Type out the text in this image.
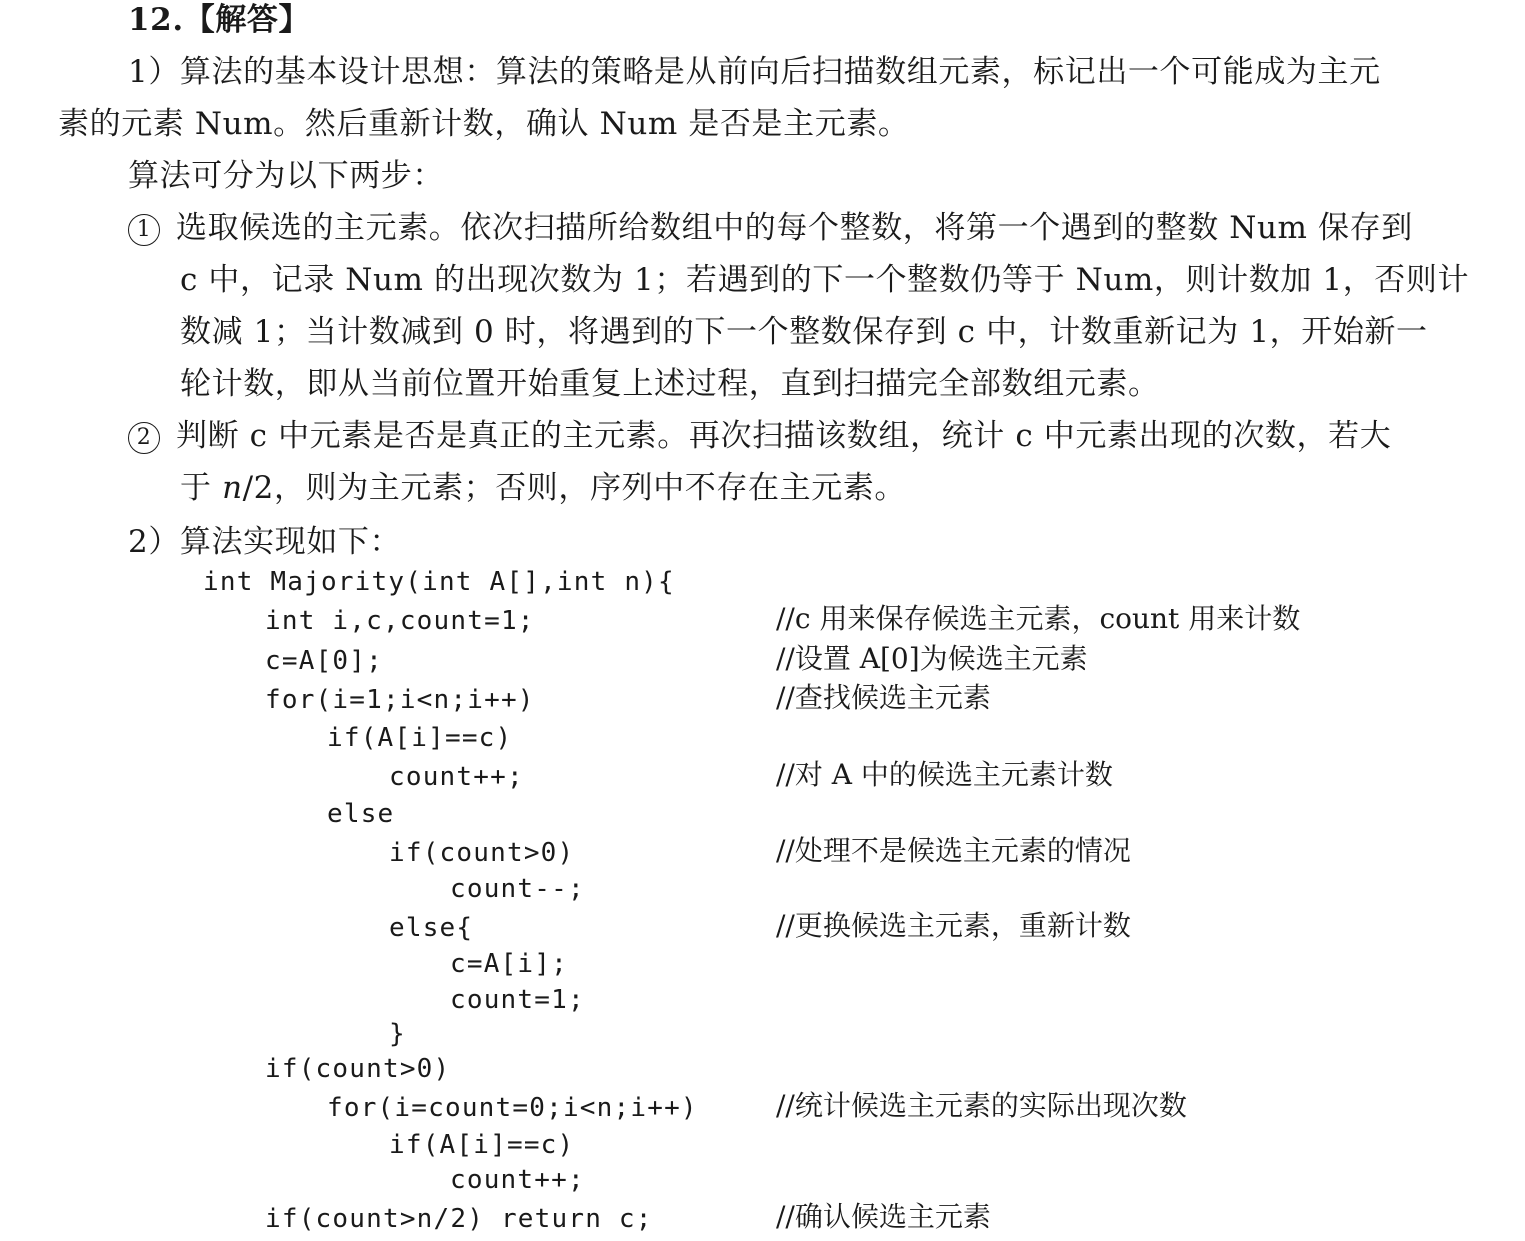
12.【解答】
1）算法的基本设计思想：算法的策略是从前向后扫描数组元素，标记出一个可能成为主元
素的元素 Num。然后重新计数，确认 Num 是否是主元素。
算法可分为以下两步：
1 选取候选的主元素。依次扫描所给数组中的每个整数，将第一个遇到的整数 Num 保存到
c 中，记录 Num 的出现次数为 1；若遇到的下一个整数仍等于 Num，则计数加 1，否则计
数减 1；当计数减到 0 时，将遇到的下一个整数保存到 c 中，计数重新记为 1，开始新一
轮计数，即从当前位置开始重复上述过程，直到扫描完全部数组元素。
2 判断 c 中元素是否是真正的主元素。再次扫描该数组，统计 c 中元素出现的次数，若大
于 n/2，则为主元素；否则，序列中不存在主元素。
2）算法实现如下：
int Majority(int A[],int n){
int i,c,count=1;	//c 用来保存候选主元素，count 用来计数
c=A[0];	//设置 A[0]为候选主元素
for(i=1;i<n;i++)	//查找候选主元素
if(A[i]==c)
count++;	//对 A 中的候选主元素计数
else
if(count>0)	//处理不是候选主元素的情况
count--;
else{	//更换候选主元素，重新计数
c=A[i];
count=1;
}
if(count>0)
for(i=count=0;i<n;i++)	//统计候选主元素的实际出现次数
if(A[i]==c)
count++;
if(count>n/2) return c;	//确认候选主元素
